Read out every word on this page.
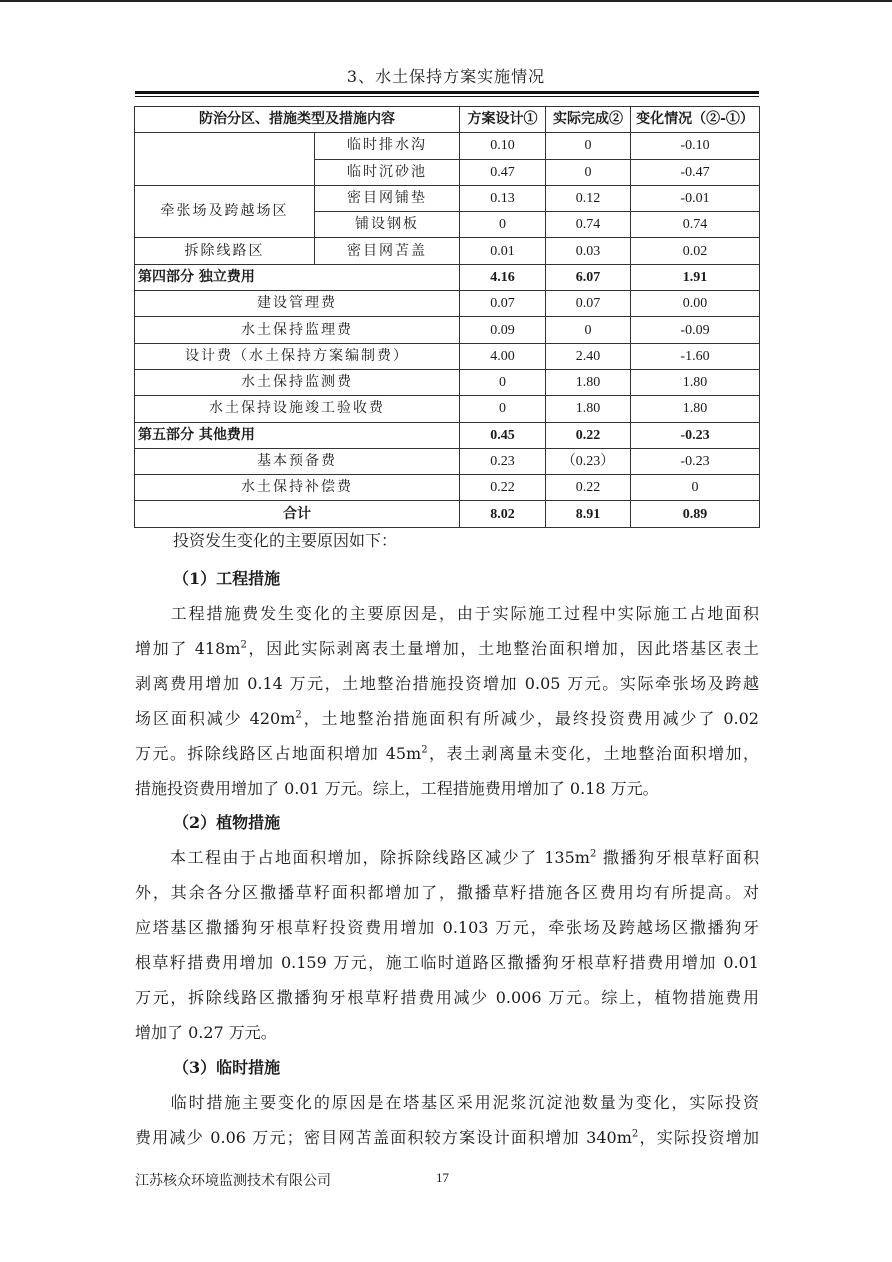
3、水土保持方案实施情况
防治分区、措施类型及措施内容		方案设计①	实际完成②	变化情况（②-①）
	临时排水沟	0.10	0	-0.10
	临时沉砂池	0.47	0	-0.47
牵张场及跨越场区	密目网铺垫	0.13	0.12	-0.01
	铺设钢板	0	0.74	0.74
拆除线路区	密目网苫盖	0.01	0.03	0.02
第四部分 独立费用		4.16	6.07	1.91
建设管理费		0.07	0.07	0.00
水土保持监理费		0.09	0	-0.09
设计费（水土保持方案编制费）		4.00	2.40	-1.60
水土保持监测费		0	1.80	1.80
水土保持设施竣工验收费		0	1.80	1.80
第五部分 其他费用		0.45	0.22	-0.23
基本预备费		0.23	（0.23）	-0.23
水土保持补偿费		0.22	0.22	0
合计		8.02	8.91	0.89
投资发生变化的主要原因如下：
（1）工程措施
　　工程措施费发生变化的主要原因是，由于实际施工过程中实际施工占地面积
增加了 $418m^2$，因此实际剥离表土量增加，土地整治面积增加，因此塔基区表土
剥离费用增加 0.14 万元，土地整治措施投资增加 0.05 万元。实际牵张场及跨越
场区面积减少 $420m^2$，土地整治措施面积有所减少，最终投资费用减少了 0.02
万元。拆除线路区占地面积增加 $45m^2$，表土剥离量未变化，土地整治面积增加，
措施投资费用增加了 0.01 万元。综上，工程措施费用增加了 0.18 万元。
（2）植物措施
　　本工程由于占地面积增加，除拆除线路区减少了 $135m^2$ 撒播狗牙根草籽面积
外，其余各分区撒播草籽面积都增加了，撒播草籽措施各区费用均有所提高。对
应塔基区撒播狗牙根草籽投资费用增加 0.103 万元，牵张场及跨越场区撒播狗牙
根草籽措费用增加 0.159 万元，施工临时道路区撒播狗牙根草籽措费用增加 0.01
万元，拆除线路区撒播狗牙根草籽措费用减少 0.006 万元。综上，植物措施费用
增加了 0.27 万元。
（3）临时措施
　　临时措施主要变化的原因是在塔基区采用泥浆沉淀池数量为变化，实际投资
费用减少 0.06 万元；密目网苫盖面积较方案设计面积增加 $340m^2$，实际投资增加
江苏核众环境监测技术有限公司	17
